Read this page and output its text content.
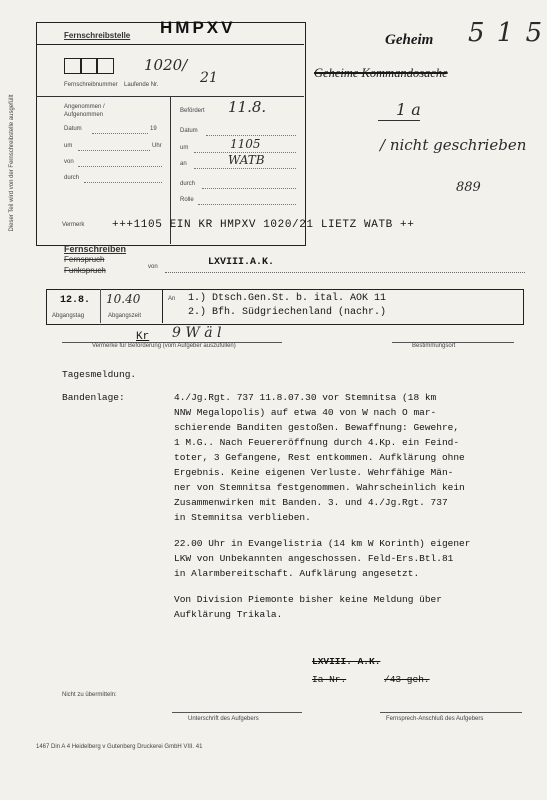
Dieser Teil wird von der Fernschreibstelle ausgefüllt
HMPXV
Fernschreibstelle
1020/
21
Fernschreibnummer Laufende Nr.
Angenommen / Aufgenommen
Datum	19
um	Uhr
von
durch
Befördert 11.8.
Datum
um	1105
an	WATB
durch
Rolle
Geheim 5 1 5
Geheime Kommandosache
1 a
/ nicht geschrieben
889
Vermerk	+++1105 EIN KR HMPXV 1020/21 LIETZ WATB ++
Fernschreiben
Fernspruch
Funkspruch	von	LXVIII.A.K.
12.8. 10.40
Abgangstag	Abgangszeit
An 1.) Dtsch.Gen.St. b. ital. AOK 11
2.) Bfh. Südgriechenland (nachr.)
Kr 9 W ä l
Vermerke für Beförderung (vom Aufgeber auszufüllen)	Bestimmungsort
Tagesmeldung.
Bandenlage:	4./Jg.Rgt. 737 11.8.07.30 vor Stemnitsa (18 km
NNW Megalopolis) auf etwa 40 von W nach O mar-
schierende Banditen gestoßen. Bewaffnung: Gewehre,
1 M.G.. Nach Feuereröffnung durch 4.Kp. ein Feind-
toter, 3 Gefangene, Rest entkommen. Aufklärung ohne
Ergebnis. Keine eigenen Verluste. Wehrfähige Män-
ner von Stemnitsa festgenommen. Wahrscheinlich kein
Zusammenwirken mit Banden. 3. und 4./Jg.Rgt. 737
in Stemnitsa verblieben.
22.00 Uhr in Evangelistria (14 km W Korinth) eigener
LKW von Unbekannten angeschossen. Feld-Ers.Btl.81
in Alarmbereitschaft. Aufklärung angesetzt.
Von Division Piemonte bisher keine Meldung über
Aufklärung Trikala.
LXVIII. A.K.
Ia Nr.	/43 geh.
Nicht zu übermitteln:
Unterschrift des Aufgebers	Fernsprech-Anschluß des Aufgebers
1467 Din A 4 Heidelberg v Gutenberg Druckerei GmbH VIII. 41
